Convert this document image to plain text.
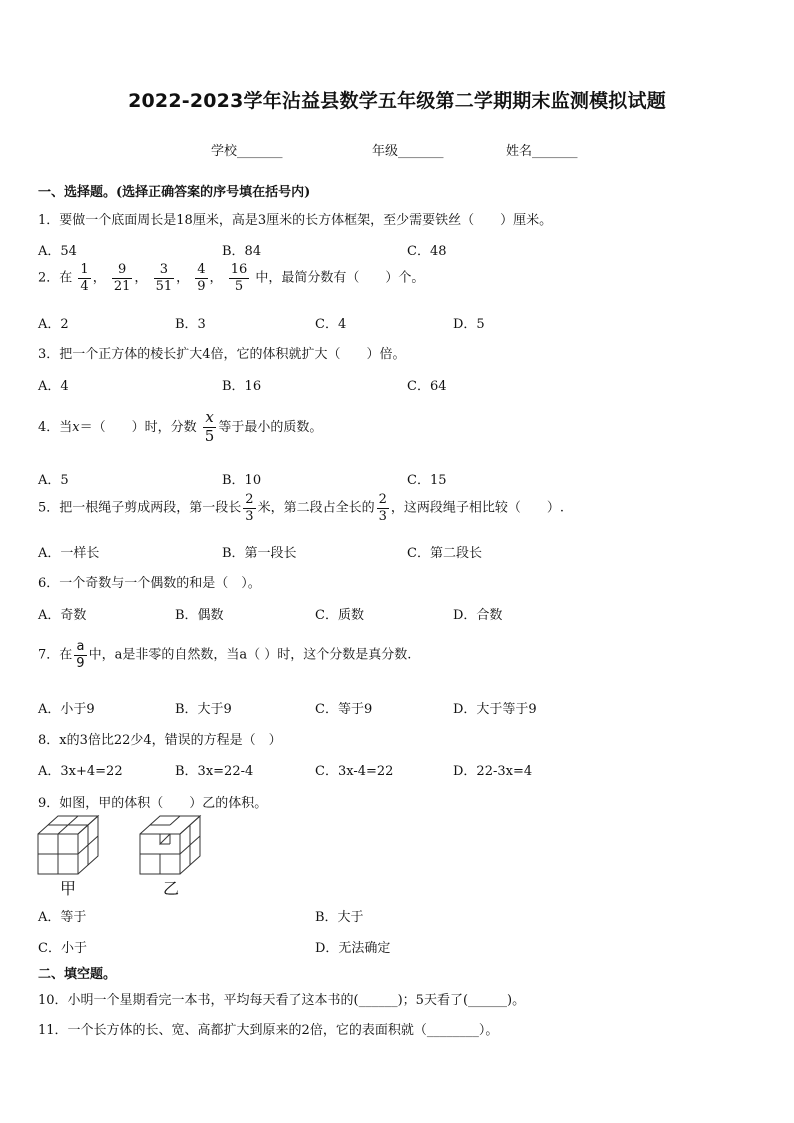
2022-2023学年沾益县数学五年级第二学期期末监测模拟试题
学校_______	年级_______	姓名_______
一、选择题。(选择正确答案的序号填在括号内)
1．要做一个底面周长是18厘米，高是3厘米的长方体框架，至少需要铁丝（　　）厘米。
A．54	B．84	C．48
2．在 $\frac{1}{4}$ ， $\frac{9}{21}$ ， $\frac{3}{51}$ ， $\frac{4}{9}$ ， $\frac{16}{5}$ 中，最简分数有（　　）个。
A．2	B．3	C．4	D．5
3．把一个正方体的棱长扩大4倍，它的体积就扩大（　　）倍。
A．4	B．16	C．64
4．当x＝（　　）时，分数 $\frac{x}{5}$ 等于最小的质数。
A．5	B．10	C．15
5．把一根绳子剪成两段，第一段长 $\frac{2}{3}$ 米，第二段占全长的 $\frac{2}{3}$ ，这两段绳子相比较（　　）.
A．一样长	B．第一段长	C．第二段长
6．一个奇数与一个偶数的和是（　）。
A．奇数	B．偶数	C．质数	D．合数
7．在 $\frac{a}{9}$ 中，a是非零的自然数，当a（ ）时，这个分数是真分数.
A．小于9	B．大于9	C．等于9	D．大于等于9
8．x的3倍比22少4，错误的方程是（　）
A．3x+4=22	B．3x=22-4	C．3x-4=22	D．22-3x=4
9．如图，甲的体积（　　）乙的体积。
甲	乙
A．等于	B．大于
C．小于	D．无法确定
二、填空题。
10．小明一个星期看完一本书，平均每天看了这本书的(______)；5天看了(______)。
11．一个长方体的长、宽、高都扩大到原来的2倍，它的表面积就（________）。
